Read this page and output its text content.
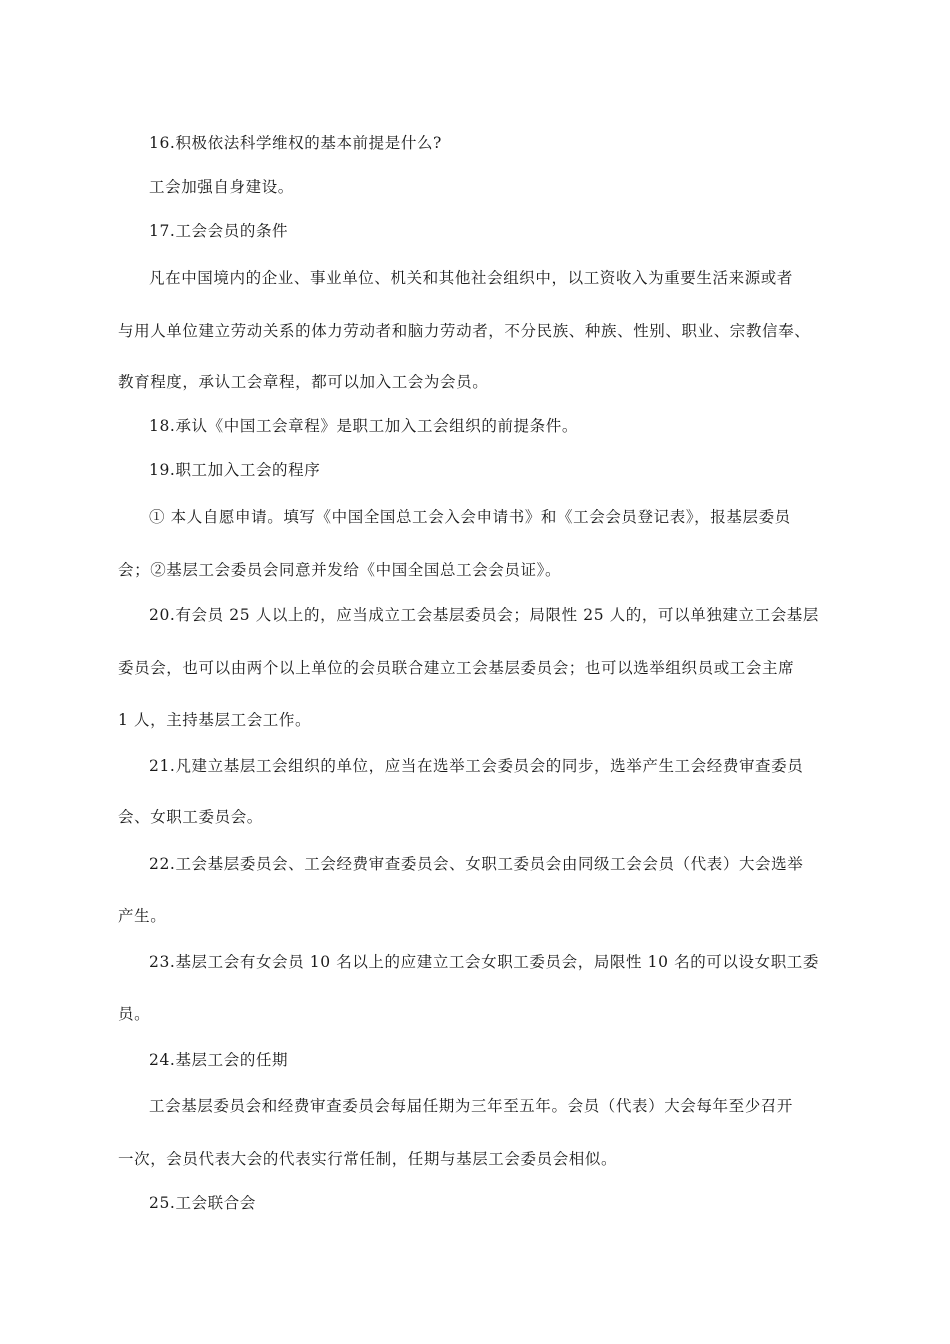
16.积极依法科学维权的基本前提是什么?
工会加强自身建设。
17.工会会员的条件
凡在中国境内的企业、事业单位、机关和其他社会组织中，以工资收入为重要生活来源或者
与用人单位建立劳动关系的体力劳动者和脑力劳动者，不分民族、种族、性别、职业、宗教信奉、
教育程度，承认工会章程，都可以加入工会为会员。
18.承认《中国工会章程》是职工加入工会组织的前提条件。
19.职工加入工会的程序
① 本人自愿申请。填写《中国全国总工会入会申请书》和《工会会员登记表》，报基层委员
会；②基层工会委员会同意并发给《中国全国总工会会员证》。
20.有会员 25 人以上的，应当成立工会基层委员会；局限性 25 人的，可以单独建立工会基层
委员会，也可以由两个以上单位的会员联合建立工会基层委员会；也可以选举组织员或工会主席
1 人，主持基层工会工作。
21.凡建立基层工会组织的单位，应当在选举工会委员会的同步，选举产生工会经费审查委员
会、女职工委员会。
22.工会基层委员会、工会经费审查委员会、女职工委员会由同级工会会员（代表）大会选举
产生。
23.基层工会有女会员 10 名以上的应建立工会女职工委员会，局限性 10 名的可以设女职工委
员。
24.基层工会的任期
工会基层委员会和经费审查委员会每届任期为三年至五年。会员（代表）大会每年至少召开
一次，会员代表大会的代表实行常任制，任期与基层工会委员会相似。
25.工会联合会
